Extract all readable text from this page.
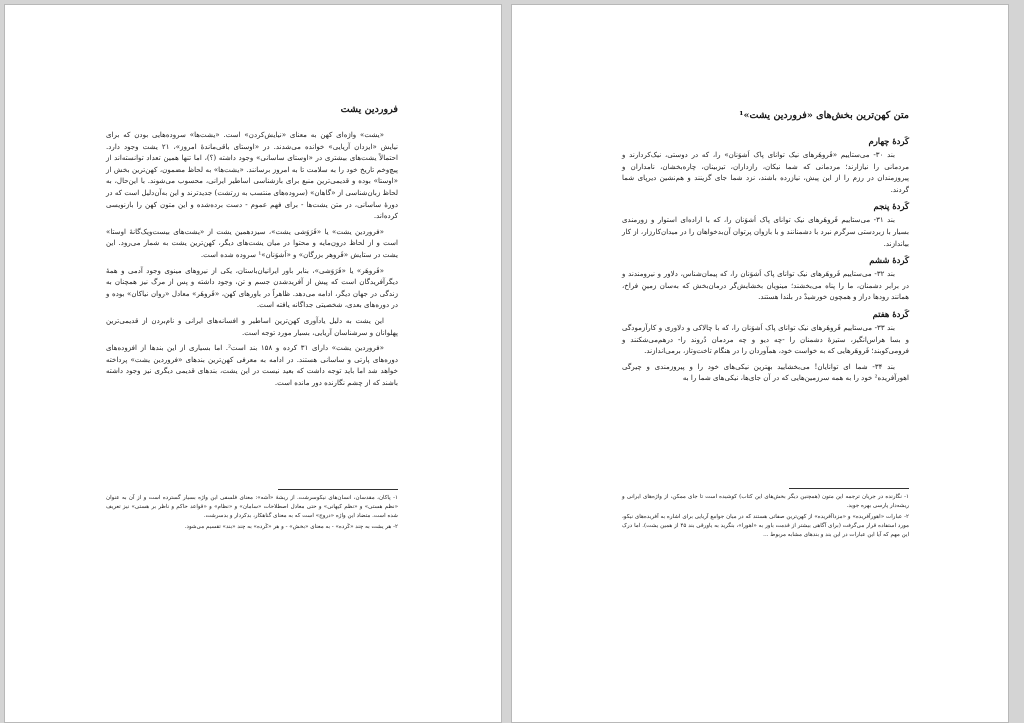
فروردین یشت

«یشت» واژه‌ای کهن به معنای «نیایش‌کردن» است. «یشت‌ها» سروده‌هایی بودن که برای نیایش «ایزدان آریایی» خوانده می‌شدند. در «اوستای باقی‌ماندهٔ امروز»، ۲۱ یشت وجود دارد. احتمالاً یشت‌های بیشتری در «اوستای ساسانی» وجود داشته (؟)، اما تنها همین تعداد توانسته‌اند از پیچ‌وخم تاریخ خود را به سلامت تا به امروز برسانند. «یشت‌ها» به لحاظ مضمون، کهن‌ترین بخش از «اوستا» بوده و قدیمی‌ترین منبع برای بازشناسی اساطیر ایرانی، محسوب می‌شوند. با این‌حال، به لحاظ زبان‌شناسی از «گاهان» (سروده‌های منتسب به زرتشت) جدیدترند و این به‌آن‌دلیل است که در دورهٔ ساسانی، در متن یشت‌ها - برای فهم عموم - دست برده‌شده و این متون کهن را بازنویسی کرده‌اند.

«فروردین یشت» یا «فَرَوَشی یشت»، سیزدهمین یشت از «یشت‌های بیست‌ویک‌گانهٔ اوستا» است و از لحاظ درون‌مایه و محتوا در میان یشت‌های دیگر، کهن‌ترین یشت به شمار می‌رود. این یشت در ستایش «فَروهر بزرگان» و «اَشوَنان»¹ سروده شده است.

«فَروهَر» یا «فَرَوَشی»، بنابر باور ایرانیان‌باستان، یکی از نیروهای مینوی وجود آدمی و همهٔ دیگرآفریدگان است که پیش از آفریدشدن جسم و تن، وجود داشته و پس از مرگ نیز همچنان به زندگی در جهان دیگر، ادامه می‌دهد. ظاهراً در باورهای کهن، «فَروهَر» معادل «روان نیاکان» بوده و در دوره‌های بعدی، شخصیتی جداگانه یافته است.

این یشت به دلیل یادآوری کهن‌ترین اساطیر و افسانه‌های ایرانی و نام‌بردن از قدیمی‌ترین پهلوانان و سرشناسان آریایی، بسیار مورد توجه است.

«فروردین یشت» دارای ۳۱ کرده و ۱۵۸ بند است². اما بسیاری از این بندها از افزوده‌های دوره‌های پارتی و ساسانی هستند. در ادامه به معرفی کهن‌ترین بندهای «فروردین یشت» پرداخته خواهد شد اما باید توجه داشت که بعید نیست در این یشت، بندهای قدیمی دیگری نیز وجود داشته باشند که از چشم نگارنده دور مانده است.

۱- پاکان، مقدسان، انسان‌های نیکوسرشت. از ریشهٔ «اَشه»: معنای فلسفی این واژه بسیار گسترده است و از آن به عنوان «نظم هستی» و «نظم کیهانی» و حتی معادل اصطلاحات «سامان» و «نظام» و «قواعد حاکم و ناظر بر هستی» نیز تعریف شده است. متضاد این واژه «دروج» است که به معنای گناهکار، بدکردار و بدسرشت.

۲- هر یشت به چند «کَرده» - به معنای «بخش» - و هر «کَرده» به چند «بند» تقسیم می‌شود.

متن کهن‌ترین بخش‌های «فروردین یشت»¹
کَردهٔ چهارم

بند ۳۰- می‌ستاییم «فَروهَرهای نیک توانای پاک اَشوَنان» را، که در دوستی، نیک‌کردارند و مردمانی را نیازارند؛ مردمانی که شما نیکان، رازداران، تیزبینان، چاره‌بخشان، نامداران و پیروزمندان در رزم را از این پیش، نیازرده باشند، نزد شما جای گزینند و هم‌نشین دیرپای شما گردند.

کَردهٔ پنجم

بند ۳۱- می‌ستاییم فَروهَرهای نیک توانای پاک اَشوَنان را، که با اراده‌ای استوار و زورمندی بسیار با زبردستی سرگرم نبرد با دشمنانند و با بازوان پرتوان آن‌بدخواهان را در میدان‌کارزار، از کار بیاندازند.

کَردهٔ ششم

بند ۳۲- می‌ستاییم فَروهَرهای نیک توانای پاک اَشوَنان را، که پیمان‌شناس، دلاور و نیرومندند و در برابر دشمنان، ما را پناه می‌بخشند؛ مینویان بخشایش‌گر درمان‌بخش که به‌سان زمینِ فراخ، همانند رودها دراز و همچون خورشیدْ در بلندا هستند.

کَردهٔ هفتم

بند ۳۳- می‌ستاییم فَروهَرهای نیک توانای پاک اَشوَنان را، که با چالاکی و دلاوری و کارآزمودگی و بسا هراس‌انگیز، ستیزهٔ دشمنان را -چه دیو و چه مردمان دُروند را- درهم‌می‌شکنند و فرومی‌کوبند؛ فَروهَرهایی که به خواست خود، همآوردان را در هنگام تاخت‌وتاز، برمی‌اندازند.

بند ۳۴- شما ای توانایان! می‌بخشایید بهترین نیکی‌های خود را و پیروزمندی و چیرگی اهورآفریده² خود را به همه سرزمین‌هایی که در آن جای‌ها، نیکی‌های شما را به

۱- نگارنده در جریان ترجمه این متون (همچنین دیگر بخش‌های این کتاب) کوشیده است تا جای ممکن، از واژه‌های ایرانی و ریشه‌دار پارسی بهره جوید.

۲- عبارات «اهورآفریده» و «مزداآفریده» از کهن‌ترین صفاتی هستند که در میان جوامع آریایی برای اشاره به آفریده‌های نیکو، مورد استفاده قرار می‌گرفت (برای آگاهی بیشتر از قدمت باور به «اهورا»، بنگرید به یاورقی بند ۴۵ از همین یشت). اما درک این مهم که آیا این عبارات در این بند و بندهای مشابه مربوط ...
